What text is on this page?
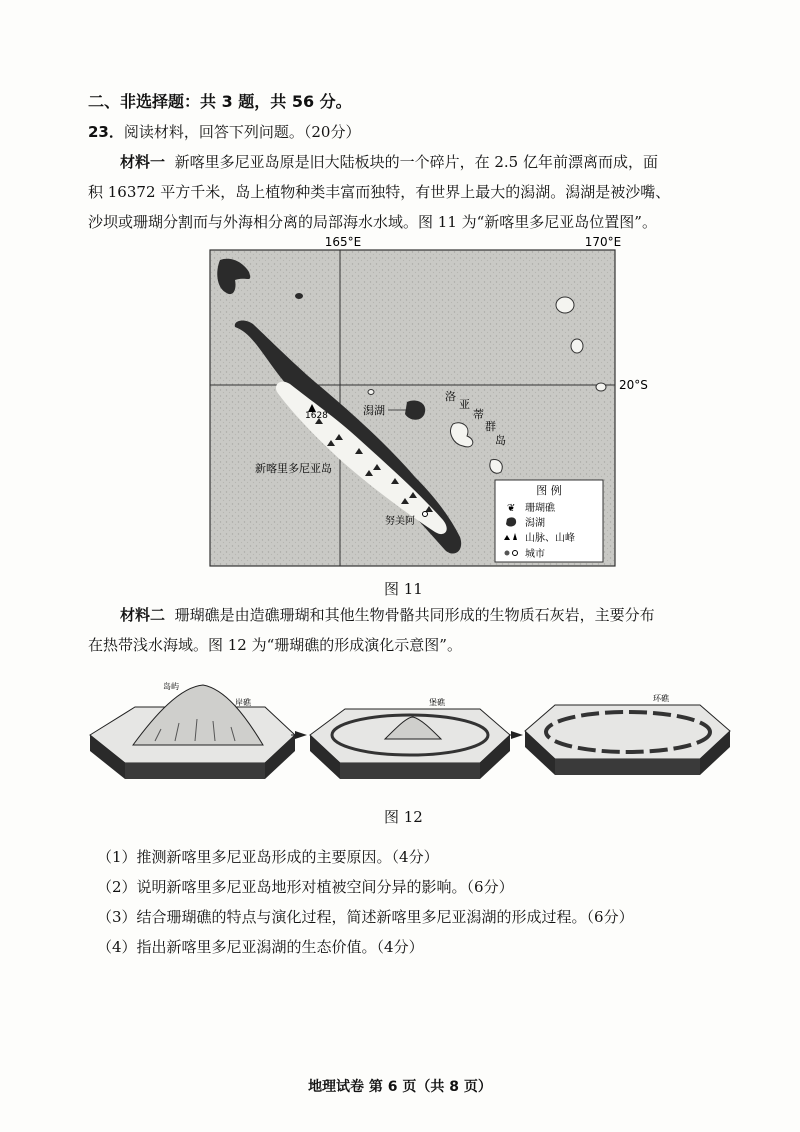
二、非选择题：共 3 题，共 56 分。
23．阅读材料，回答下列问题。（20分）
材料一 新喀里多尼亚岛原是旧大陆板块的一个碎片，在 2.5 亿年前漂离而成，面
积 16372 平方千米，岛上植物种类丰富而独特，有世界上最大的潟湖。潟湖是被沙嘴、
沙坝或珊瑚分割而与外海相分离的局部海水水域。图 11 为“新喀里多尼亚岛位置图”。
165°E	170°E
20°S
1628	潟湖
新喀里多尼亚岛
努美阿
洛
亚
蒂
群
岛
图 例
❦ 珊瑚礁
潟湖
山脉、山峰
城市
图 11
材料二 珊瑚礁是由造礁珊瑚和其他生物骨骼共同形成的生物质石灰岩，主要分布
在热带浅水海域。图 12 为“珊瑚礁的形成演化示意图”。
岛屿
岸礁	堡礁	环礁
图 12
（1）推测新喀里多尼亚岛形成的主要原因。（4分）
（2）说明新喀里多尼亚岛地形对植被空间分异的影响。（6分）
（3）结合珊瑚礁的特点与演化过程，简述新喀里多尼亚潟湖的形成过程。（6分）
（4）指出新喀里多尼亚潟湖的生态价值。（4分）
地理试卷 第 6 页（共 8 页）
